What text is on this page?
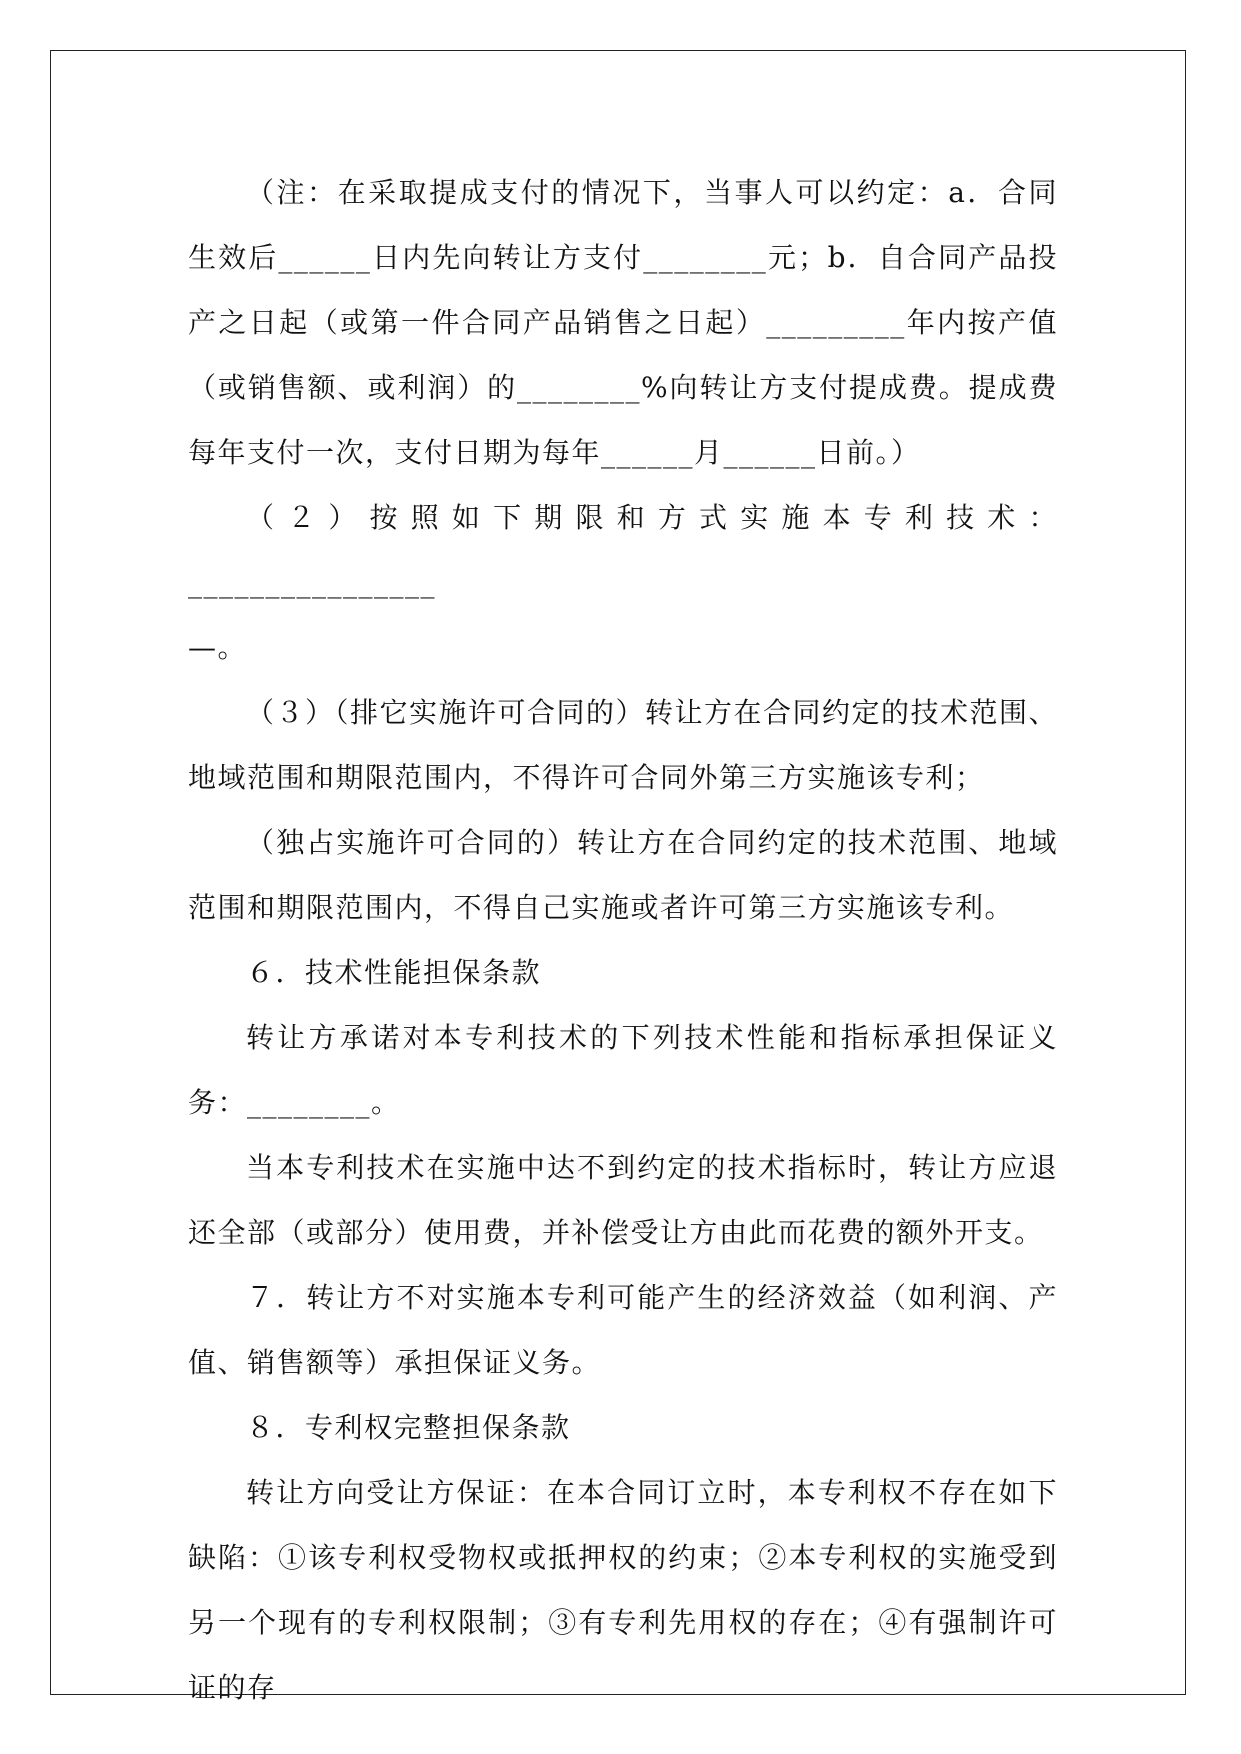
（注：在采取提成支付的情况下，当事人可以约定：a．合同生效后______日内先向转让方支付________元；b．自合同产品投产之日起（或第一件合同产品销售之日起）_________年内按产值（或销售额、或利润）的________%向转让方支付提成费。提成费每年支付一次，支付日期为每年______月______日前。）

（２）按照如下期限和方式实施本专利技术：________________

—。

（３）（排它实施许可合同的）转让方在合同约定的技术范围、地域范围和期限范围内，不得许可合同外第三方实施该专利；

（独占实施许可合同的）转让方在合同约定的技术范围、地域范围和期限范围内，不得自己实施或者许可第三方实施该专利。

６．技术性能担保条款

转让方承诺对本专利技术的下列技术性能和指标承担保证义务：________。

当本专利技术在实施中达不到约定的技术指标时，转让方应退还全部（或部分）使用费，并补偿受让方由此而花费的额外开支。

７．转让方不对实施本专利可能产生的经济效益（如利润、产值、销售额等）承担保证义务。

８．专利权完整担保条款

转让方向受让方保证：在本合同订立时，本专利权不存在如下缺陷：①该专利权受物权或抵押权的约束；②本专利权的实施受到另一个现有的专利权限制；③有专利先用权的存在；④有强制许可证的存
